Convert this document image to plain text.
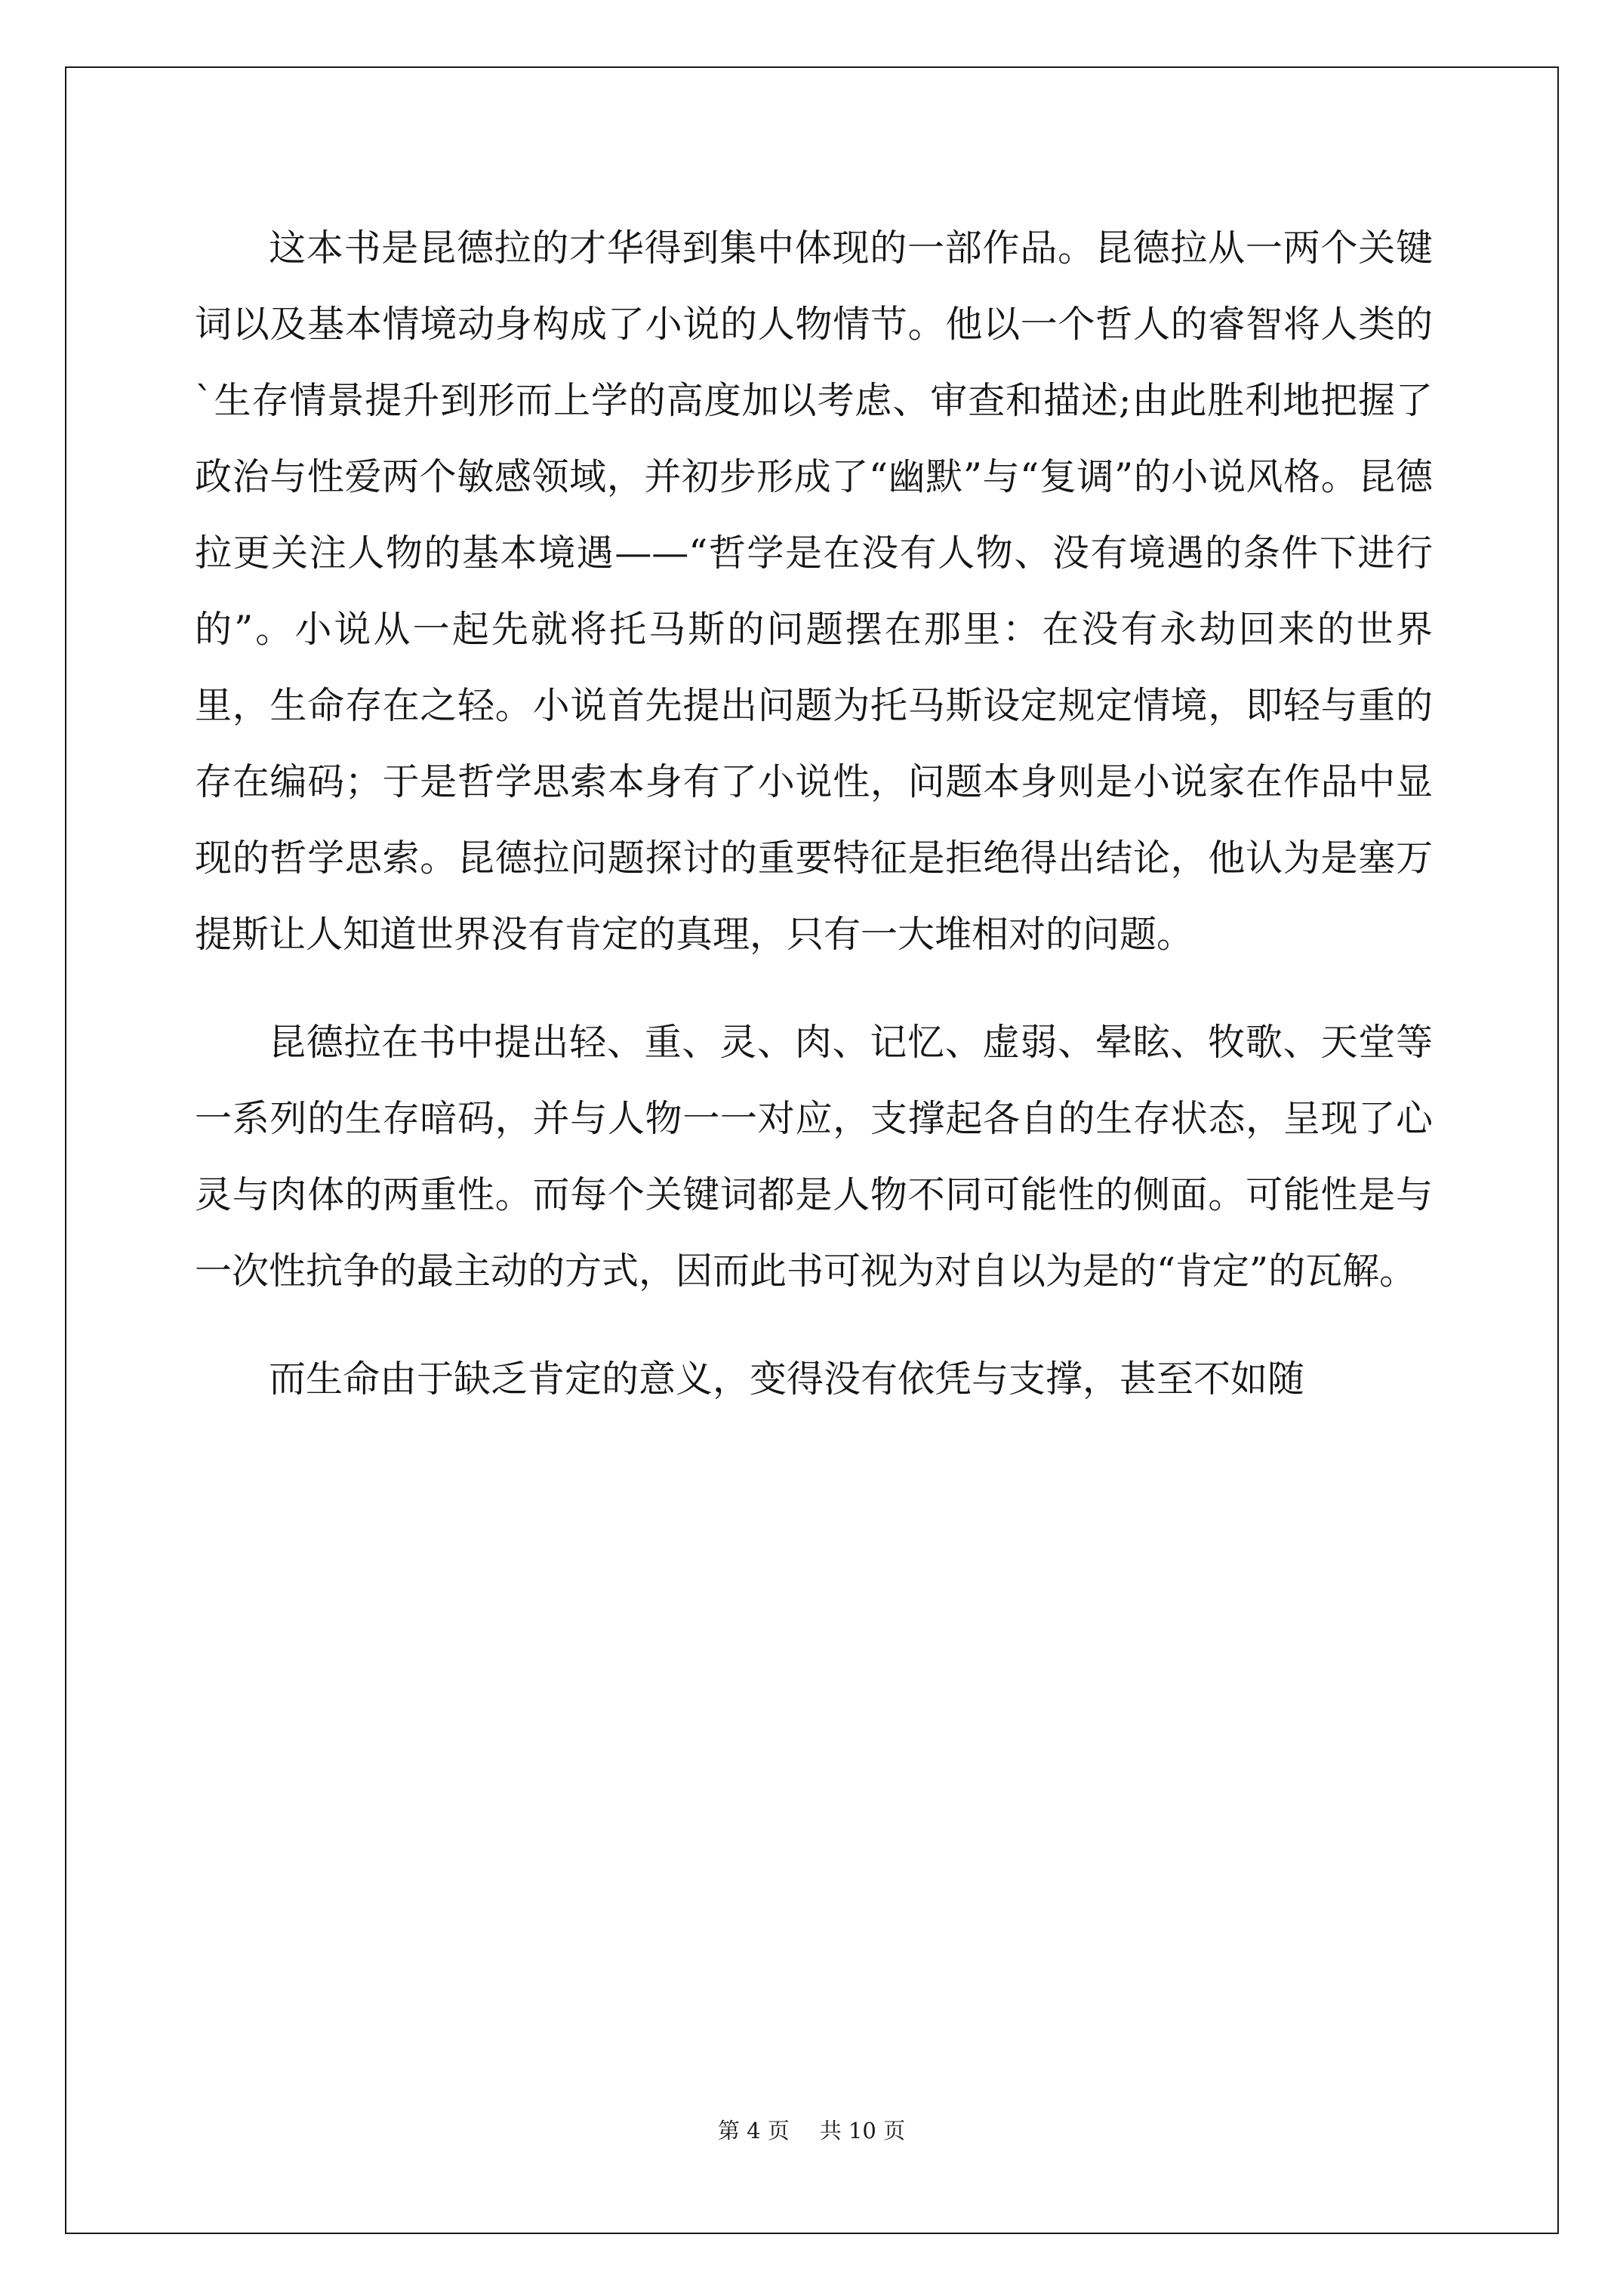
这本书是昆德拉的才华得到集中体现的一部作品。昆德拉从一两个关键词以及基本情境动身构成了小说的人物情节。他以一个哲人的睿智将人类的`生存情景提升到形而上学的高度加以考虑、审查和描述;由此胜利地把握了政治与性爱两个敏感领域，并初步形成了“幽默”与“复调”的小说风格。昆德拉更关注人物的基本境遇——“哲学是在没有人物、没有境遇的条件下进行的”。小说从一起先就将托马斯的问题摆在那里：在没有永劫回来的世界里，生命存在之轻。小说首先提出问题为托马斯设定规定情境，即轻与重的存在编码；于是哲学思索本身有了小说性，问题本身则是小说家在作品中显现的哲学思索。昆德拉问题探讨的重要特征是拒绝得出结论，他认为是塞万提斯让人知道世界没有肯定的真理，只有一大堆相对的问题。

昆德拉在书中提出轻、重、灵、肉、记忆、虚弱、晕眩、牧歌、天堂等一系列的生存暗码，并与人物一一对应，支撑起各自的生存状态，呈现了心灵与肉体的两重性。而每个关键词都是人物不同可能性的侧面。可能性是与一次性抗争的最主动的方式，因而此书可视为对自以为是的“肯定”的瓦解。

而生命由于缺乏肯定的意义，变得没有依凭与支撑，甚至不如随

第 4 页 共 10 页
